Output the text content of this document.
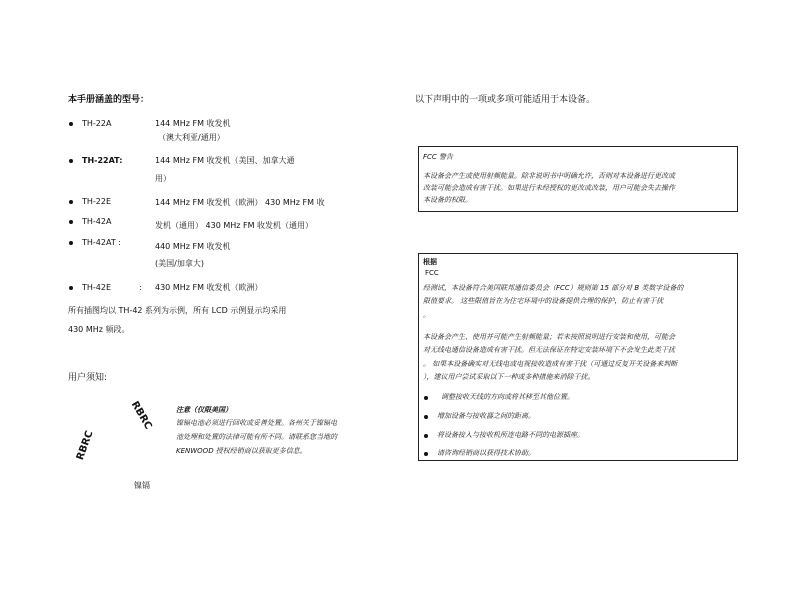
本手册涵盖的型号：
TH-22A	144 MHz FM 收发机
（澳大利亚/通用）
TH-22AT:	144 MHz FM 收发机（美国、加拿大通
用）
TH-22E	144 MHz FM 收发机（欧洲） 430 MHz FM 收
TH-42A	发机（通用） 430 MHz FM 收发机（通用）
TH-42AT :	440 MHz FM 收发机
(美国/加拿大)
TH-42E	: 430 MHz FM 收发机（欧洲）
所有插图均以 TH-42 系列为示例，所有 LCD 示例显示均采用
430 MHz 频段。
用户须知:
RBRC
RBRC
注意（仅限美国）
镍镉电池必须进行回收或妥善处置。各州关于镍镉电
池处理和处置的法律可能有所不同。请联系您当地的
KENWOOD 授权经销商以获取更多信息。
镍镉
以下声明中的一项或多项可能适用于本设备。
FCC 警告
本设备会产生或使用射频能量。除非说明书中明确允许，否则对本设备进行更改或
改装可能会造成有害干扰。如果进行未经授权的更改或改装，用户可能会失去操作
本设备的权限。
根据
FCC
经测试，本设备符合美国联邦通信委员会（FCC）规则第 15 部分对 B 类数字设备的
限值要求。 这些限值旨在为住宅环境中的设备提供合理的保护，防止有害干扰
。
本设备会产生、使用并可能产生射频能量；若未按照说明进行安装和使用，可能会
对无线电通信设备造成有害干扰。但无法保证在特定安装环境下不会发生此类干扰
。 如果本设备确实对无线电或电视接收造成有害干扰（可通过反复开关设备来判断
），建议用户尝试采取以下一种或多种措施来消除干扰。
调整接收天线的方向或将其移至其他位置。
增加设备与接收器之间的距离。
将设备接入与接收机所连电路不同的电源插座。
请咨询经销商以获得技术协助。
